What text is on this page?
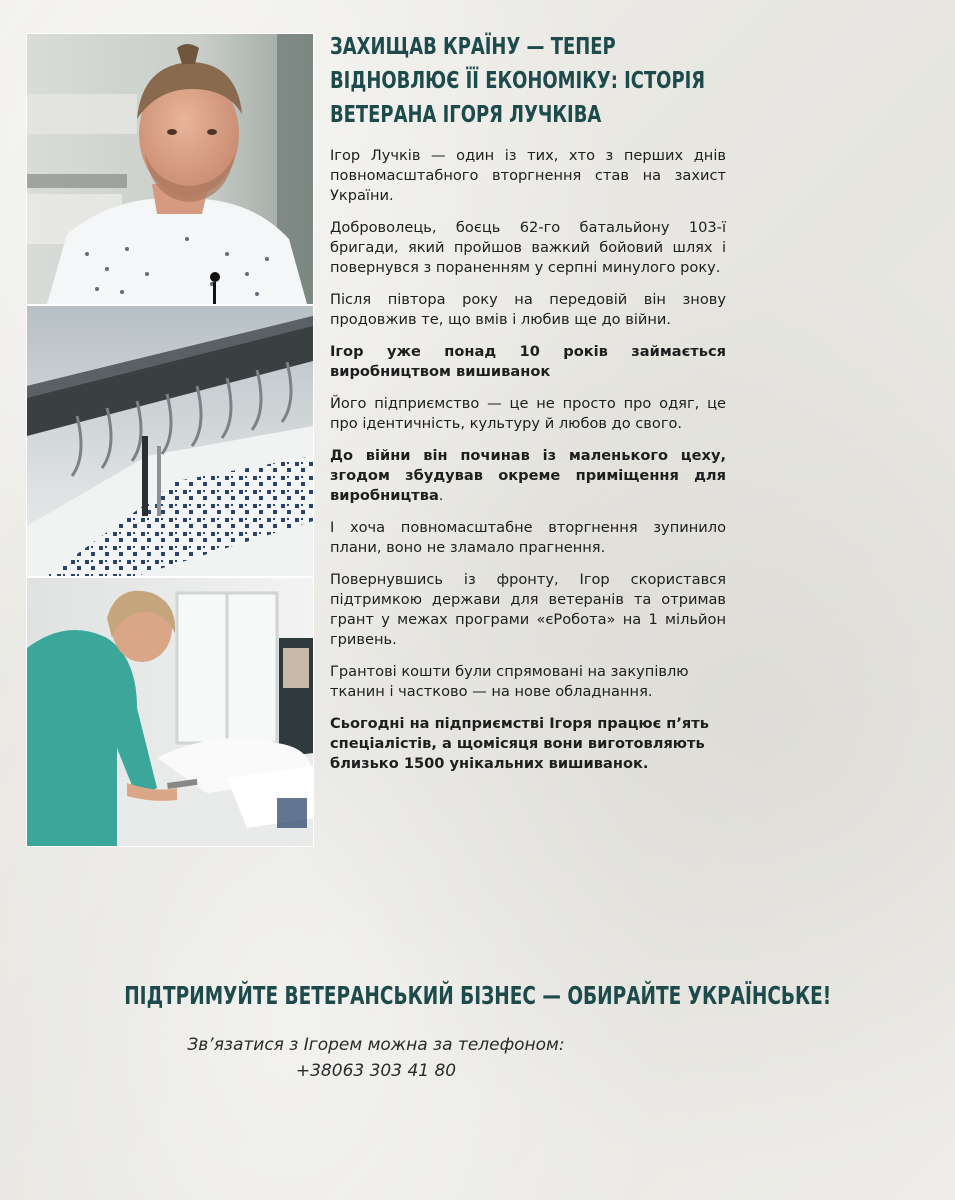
ЗАХИЩАВ КРАЇНУ — ТЕПЕР ВІДНОВЛЮЄ ЇЇ ЕКОНОМІКУ: ІСТОРІЯ ВЕТЕРАНА ІГОРЯ ЛУЧКІВА

Ігор Лучків — один із тих, хто з перших днів повномасштабного вторгнення став на захист України.

Доброволець, боєць 62-го батальйону 103-ї бригади, який пройшов важкий бойовий шлях і повернувся з пораненням у серпні минулого року.

Після півтора року на передовій він знову продовжив те, що вмів і любив ще до війни.

Ігор уже понад 10 років займається виробництвом вишиванок

Його підприємство — це не просто про одяг, це про ідентичність, культуру й любов до свого.

До війни він починав із маленького цеху, згодом збудував окреме приміщення для виробництва.

І хоча повномасштабне вторгнення зупинило плани, воно не зламало прагнення.

Повернувшись із фронту, Ігор скористався підтримкою держави для ветеранів та отримав грант у межах програми «єРобота» на 1 мільйон гривень.

Грантові кошти були спрямовані на закупівлю тканин і частково — на нове обладнання.

Сьогодні на підприємстві Ігоря працює п’ять спеціалістів, а щомісяця вони виготовляють близько 1500 унікальних вишиванок.

ПІДТРИМУЙТЕ ВЕТЕРАНСЬКИЙ БІЗНЕС — ОБИРАЙТЕ УКРАЇНСЬКЕ!
Зв’язатися з Ігорем можна за телефоном:
+38063 303 41 80
